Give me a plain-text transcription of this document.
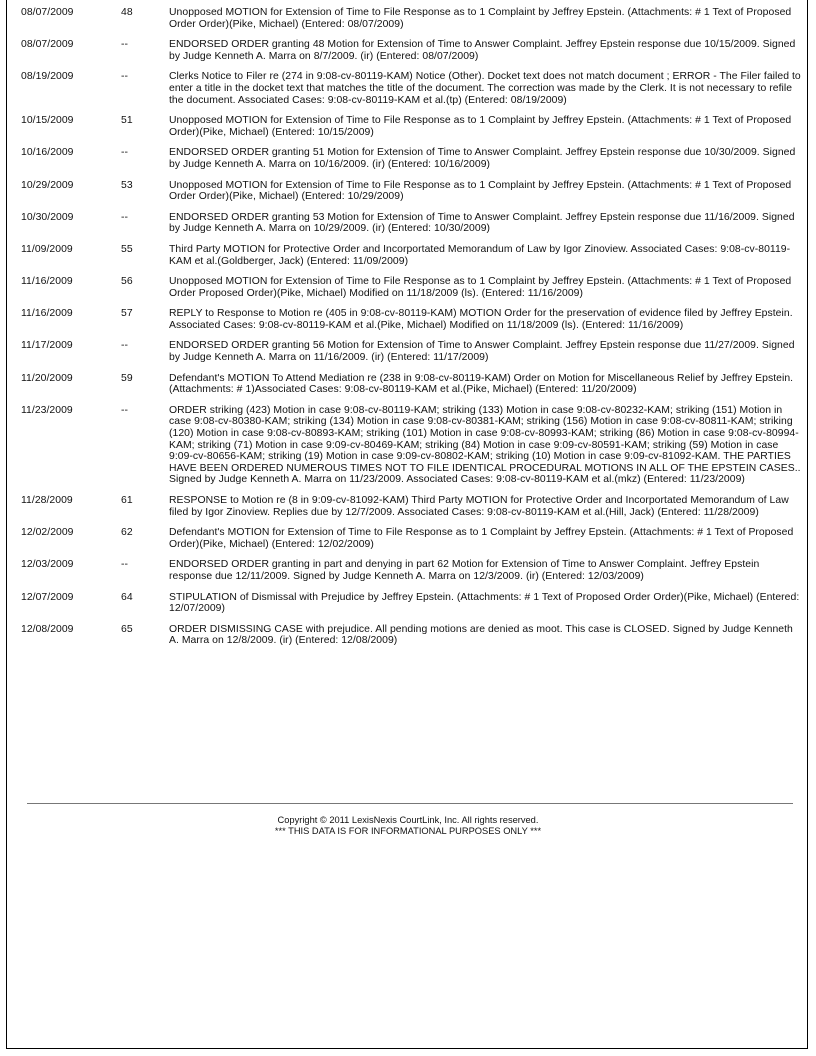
08/07/2009	48	Unopposed MOTION for Extension of Time to File Response as to 1 Complaint by Jeffrey Epstein. (Attachments: # 1 Text of Proposed Order Order)(Pike, Michael) (Entered: 08/07/2009)
08/07/2009	--	ENDORSED ORDER granting 48 Motion for Extension of Time to Answer Complaint. Jeffrey Epstein response due 10/15/2009. Signed by Judge Kenneth A. Marra on 8/7/2009. (ir) (Entered: 08/07/2009)
08/19/2009	--	Clerks Notice to Filer re (274 in 9:08-cv-80119-KAM) Notice (Other). Docket text does not match document ; ERROR - The Filer failed to enter a title in the docket text that matches the title of the document. The correction was made by the Clerk. It is not necessary to refile the document. Associated Cases: 9:08-cv-80119-KAM et al.(tp) (Entered: 08/19/2009)
10/15/2009	51	Unopposed MOTION for Extension of Time to File Response as to 1 Complaint by Jeffrey Epstein. (Attachments: # 1 Text of Proposed Order)(Pike, Michael) (Entered: 10/15/2009)
10/16/2009	--	ENDORSED ORDER granting 51 Motion for Extension of Time to Answer Complaint. Jeffrey Epstein response due 10/30/2009. Signed by Judge Kenneth A. Marra on 10/16/2009. (ir) (Entered: 10/16/2009)
10/29/2009	53	Unopposed MOTION for Extension of Time to File Response as to 1 Complaint by Jeffrey Epstein. (Attachments: # 1 Text of Proposed Order Order)(Pike, Michael) (Entered: 10/29/2009)
10/30/2009	--	ENDORSED ORDER granting 53 Motion for Extension of Time to Answer Complaint. Jeffrey Epstein response due 11/16/2009. Signed by Judge Kenneth A. Marra on 10/29/2009. (ir) (Entered: 10/30/2009)
11/09/2009	55	Third Party MOTION for Protective Order and Incorportated Memorandum of Law by Igor Zinoview. Associated Cases: 9:08-cv-80119-KAM et al.(Goldberger, Jack) (Entered: 11/09/2009)
11/16/2009	56	Unopposed MOTION for Extension of Time to File Response as to 1 Complaint by Jeffrey Epstein. (Attachments: # 1 Text of Proposed Order Proposed Order)(Pike, Michael) Modified on 11/18/2009 (ls). (Entered: 11/16/2009)
11/16/2009	57	REPLY to Response to Motion re (405 in 9:08-cv-80119-KAM) MOTION Order for the preservation of evidence filed by Jeffrey Epstein. Associated Cases: 9:08-cv-80119-KAM et al.(Pike, Michael) Modified on 11/18/2009 (ls). (Entered: 11/16/2009)
11/17/2009	--	ENDORSED ORDER granting 56 Motion for Extension of Time to Answer Complaint. Jeffrey Epstein response due 11/27/2009. Signed by Judge Kenneth A. Marra on 11/16/2009. (ir) (Entered: 11/17/2009)
11/20/2009	59	Defendant's MOTION To Attend Mediation re (238 in 9:08-cv-80119-KAM) Order on Motion for Miscellaneous Relief by Jeffrey Epstein. (Attachments: # 1)Associated Cases: 9:08-cv-80119-KAM et al.(Pike, Michael) (Entered: 11/20/2009)
11/23/2009	--	ORDER striking (423) Motion in case 9:08-cv-80119-KAM; striking (133) Motion in case 9:08-cv-80232-KAM; striking (151) Motion in case 9:08-cv-80380-KAM; striking (134) Motion in case 9:08-cv-80381-KAM; striking (156) Motion in case 9:08-cv-80811-KAM; striking (120) Motion in case 9:08-cv-80893-KAM; striking (101) Motion in case 9:08-cv-80993-KAM; striking (86) Motion in case 9:08-cv-80994-KAM; striking (71) Motion in case 9:09-cv-80469-KAM; striking (84) Motion in case 9:09-cv-80591-KAM; striking (59) Motion in case 9:09-cv-80656-KAM; striking (19) Motion in case 9:09-cv-80802-KAM; striking (10) Motion in case 9:09-cv-81092-KAM. THE PARTIES HAVE BEEN ORDERED NUMEROUS TIMES NOT TO FILE IDENTICAL PROCEDURAL MOTIONS IN ALL OF THE EPSTEIN CASES.. Signed by Judge Kenneth A. Marra on 11/23/2009. Associated Cases: 9:08-cv-80119-KAM et al.(mkz) (Entered: 11/23/2009)
11/28/2009	61	RESPONSE to Motion re (8 in 9:09-cv-81092-KAM) Third Party MOTION for Protective Order and Incorportated Memorandum of Law filed by Igor Zinoview. Replies due by 12/7/2009. Associated Cases: 9:08-cv-80119-KAM et al.(Hill, Jack) (Entered: 11/28/2009)
12/02/2009	62	Defendant's MOTION for Extension of Time to File Response as to 1 Complaint by Jeffrey Epstein. (Attachments: # 1 Text of Proposed Order)(Pike, Michael) (Entered: 12/02/2009)
12/03/2009	--	ENDORSED ORDER granting in part and denying in part 62 Motion for Extension of Time to Answer Complaint. Jeffrey Epstein response due 12/11/2009. Signed by Judge Kenneth A. Marra on 12/3/2009. (ir) (Entered: 12/03/2009)
12/07/2009	64	STIPULATION of Dismissal with Prejudice by Jeffrey Epstein. (Attachments: # 1 Text of Proposed Order Order)(Pike, Michael) (Entered: 12/07/2009)
12/08/2009	65	ORDER DISMISSING CASE with prejudice. All pending motions are denied as moot. This case is CLOSED. Signed by Judge Kenneth A. Marra on 12/8/2009. (ir) (Entered: 12/08/2009)

Copyright © 2011 LexisNexis CourtLink, Inc. All rights reserved.
*** THIS DATA IS FOR INFORMATIONAL PURPOSES ONLY ***
